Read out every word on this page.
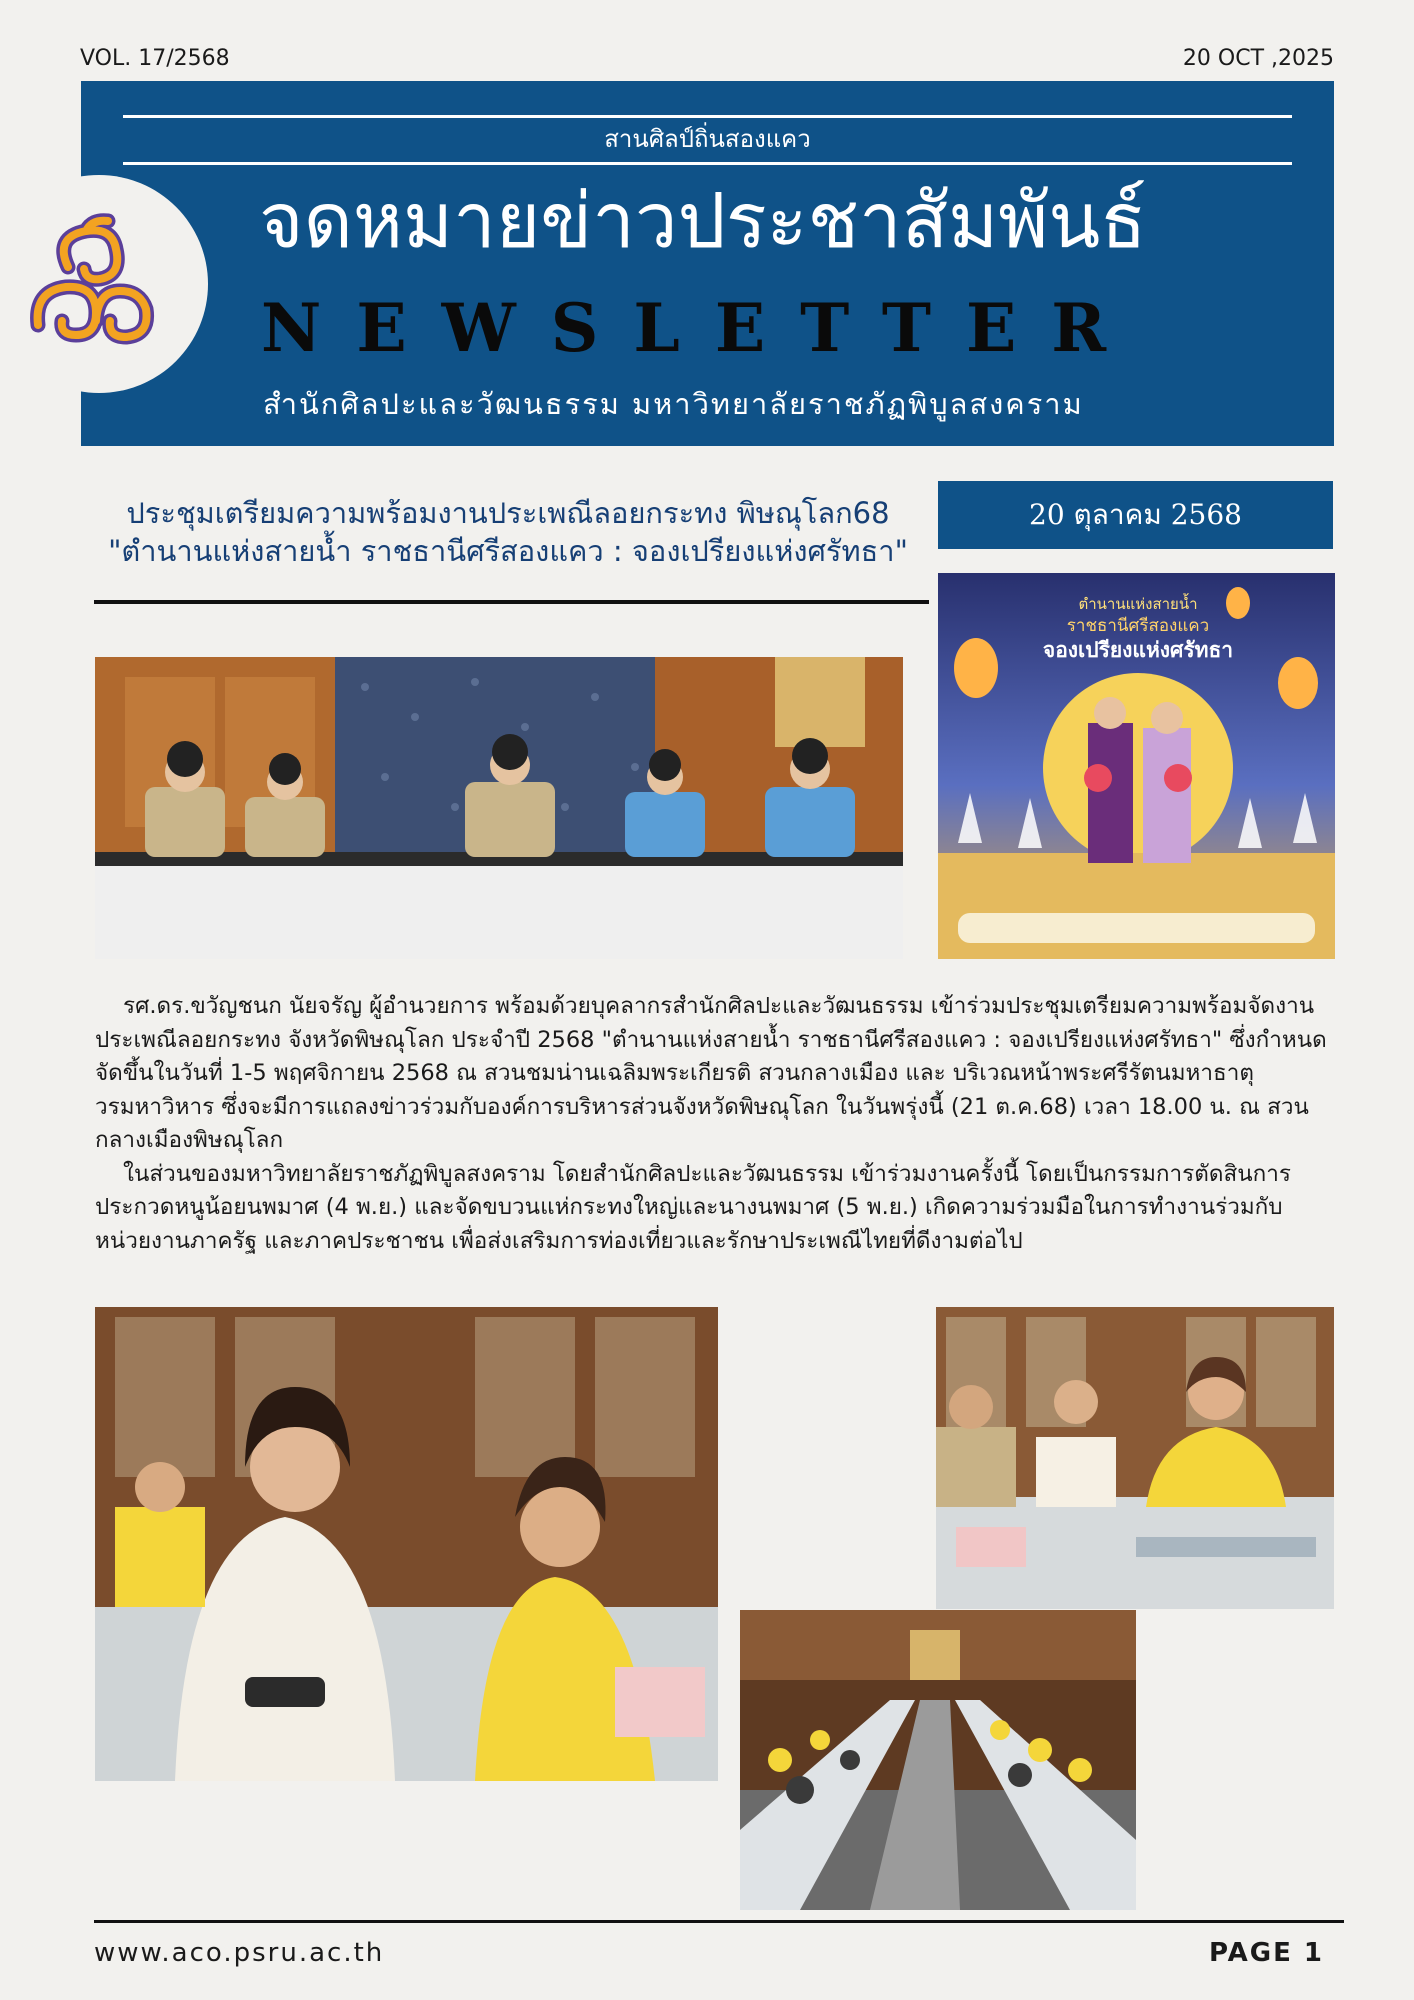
VOL. 17/2568	20 OCT ,2025
สานศิลป์ถิ่นสองแคว
จดหมายข่าวประชาสัมพันธ์
NEWSLETTER
สำนักศิลปะและวัฒนธรรม มหาวิทยาลัยราชภัฏพิบูลสงคราม
ประชุมเตรียมความพร้อมงานประเพณีลอยกระทง พิษณุโลก68
"ตำนานแห่งสายน้ำ ราชธานีศรีสองแคว : จองเปรียงแห่งศรัทธา"
20 ตุลาคม 2568
ตำนานแห่งสายน้ำ
ราชธานีศรีสองแคว
จองเปรียงแห่งศรัทธา

รศ.ดร.ขวัญชนก นัยจรัญ ผู้อำนวยการ พร้อมด้วยบุคลากรสำนักศิลปะและวัฒนธรรม เข้าร่วมประชุมเตรียมความพร้อมจัดงานประเพณีลอยกระทง จังหวัดพิษณุโลก ประจำปี 2568 "ตำนานแห่งสายน้ำ ราชธานีศรีสองแคว : จองเปรียงแห่งศรัทธา" ซึ่งกำหนดจัดขึ้นในวันที่ 1-5 พฤศจิกายน 2568 ณ สวนชมน่านเฉลิมพระเกียรติ สวนกลางเมือง และ บริเวณหน้าพระศรีรัตนมหาธาตุวรมหาวิหาร ซึ่งจะมีการแถลงข่าวร่วมกับองค์การบริหารส่วนจังหวัดพิษณุโลก ในวันพรุ่งนี้ (21 ต.ค.68) เวลา 18.00 น. ณ สวนกลางเมืองพิษณุโลก

ในส่วนของมหาวิทยาลัยราชภัฏพิบูลสงคราม โดยสำนักศิลปะและวัฒนธรรม เข้าร่วมงานครั้งนี้ โดยเป็นกรรมการตัดสินการประกวดหนูน้อยนพมาศ (4 พ.ย.) และจัดขบวนแห่กระทงใหญ่และนางนพมาศ (5 พ.ย.) เกิดความร่วมมือในการทำงานร่วมกับหน่วยงานภาครัฐ และภาคประชาชน เพื่อส่งเสริมการท่องเที่ยวและรักษาประเพณีไทยที่ดีงามต่อไป

www.aco.psru.ac.th	PAGE 1
